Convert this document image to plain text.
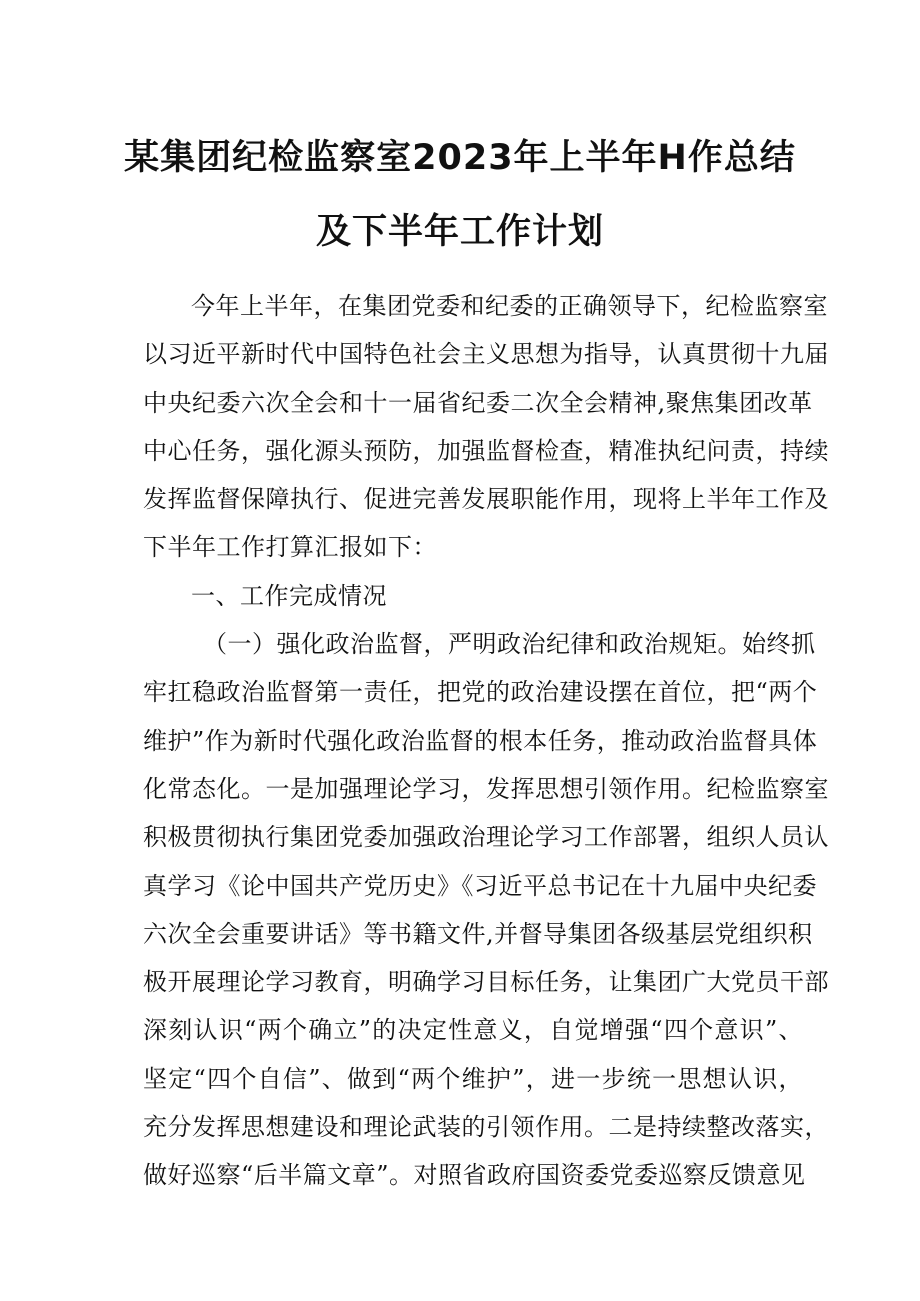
某集团纪检监察室2023年上半年H作总结
及下半年工作计划
今年上半年，在集团党委和纪委的正确领导下，纪检监察室
以习近平新时代中国特色社会主义思想为指导，认真贯彻十九届
中央纪委六次全会和十一届省纪委二次全会精神,聚焦集团改革
中心任务，强化源头预防，加强监督检查，精准执纪问责，持续
发挥监督保障执行、促进完善发展职能作用，现将上半年工作及
下半年工作打算汇报如下：
一、工作完成情况
（一）强化政治监督，严明政治纪律和政治规矩。始终抓
牢扛稳政治监督第一责任，把党的政治建设摆在首位，把“两个
维护”作为新时代强化政治监督的根本任务，推动政治监督具体
化常态化。一是加强理论学习，发挥思想引领作用。纪检监察室
积极贯彻执行集团党委加强政治理论学习工作部署，组织人员认
真学习《论中国共产党历史》《习近平总书记在十九届中央纪委
六次全会重要讲话》等书籍文件,并督导集团各级基层党组织积
极开展理论学习教育，明确学习目标任务，让集团广大党员干部
深刻认识“两个确立”的决定性意义，自觉增强“四个意识”、
坚定“四个自信”、做到“两个维护”，进一步统一思想认识，
充分发挥思想建设和理论武装的引领作用。二是持续整改落实，
做好巡察“后半篇文章”。对照省政府国资委党委巡察反馈意见
